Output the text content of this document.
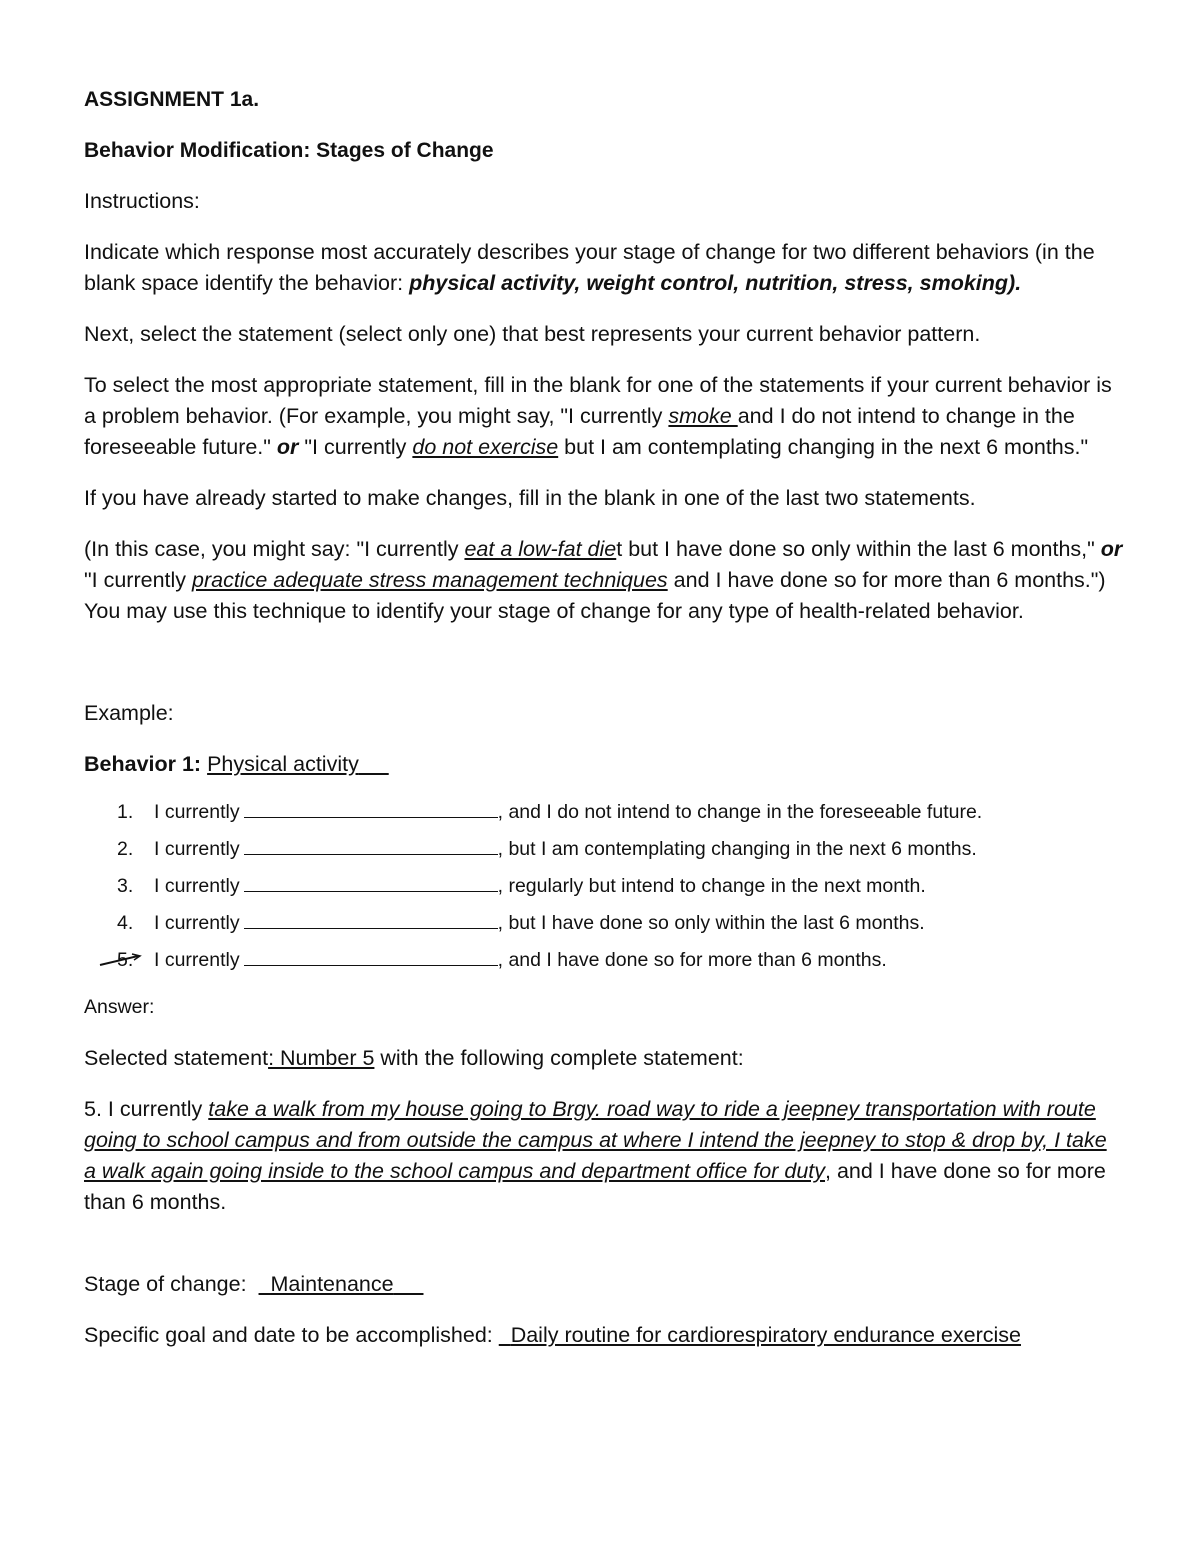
ASSIGNMENT 1a.

Behavior Modification: Stages of Change

Instructions:

Indicate which response most accurately describes your stage of change for two different behaviors (in the blank space identify the behavior: physical activity, weight control, nutrition, stress, smoking).

Next, select the statement (select only one) that best represents your current behavior pattern.

To select the most appropriate statement, fill in the blank for one of the statements if your current behavior is a problem behavior. (For example, you might say, "I currently smoke and I do not intend to change in the foreseeable future." or "I currently do not exercise but I am contemplating changing in the next 6 months."

If you have already started to make changes, fill in the blank in one of the last two statements.

(In this case, you might say: "I currently eat a low-fat diet but I have done so only within the last 6 months," or "I currently practice adequate stress management techniques and I have done so for more than 6 months.") You may use this technique to identify your stage of change for any type of health-related behavior.

Example:

Behavior 1: Physical activity

1.	I currently	, and I do not intend to change in the foreseeable future.
2.	I currently	, but I am contemplating changing in the next 6 months.
3.	I currently	, regularly but intend to change in the next month.
4.	I currently	, but I have done so only within the last 6 months.
5.	I currently	, and I have done so for more than 6 months.

Answer:

Selected statement: Number 5 with the following complete statement:

5. I currently take a walk from my house going to Brgy. road way to ride a jeepney transportation with route going to school campus and from outside the campus at where I intend the jeepney to stop & drop by, I take a walk again going inside to the school campus and department office for duty, and I have done so for more than 6 months.

Stage of change: Maintenance

Specific goal and date to be accomplished: Daily routine for cardiorespiratory endurance exercise
